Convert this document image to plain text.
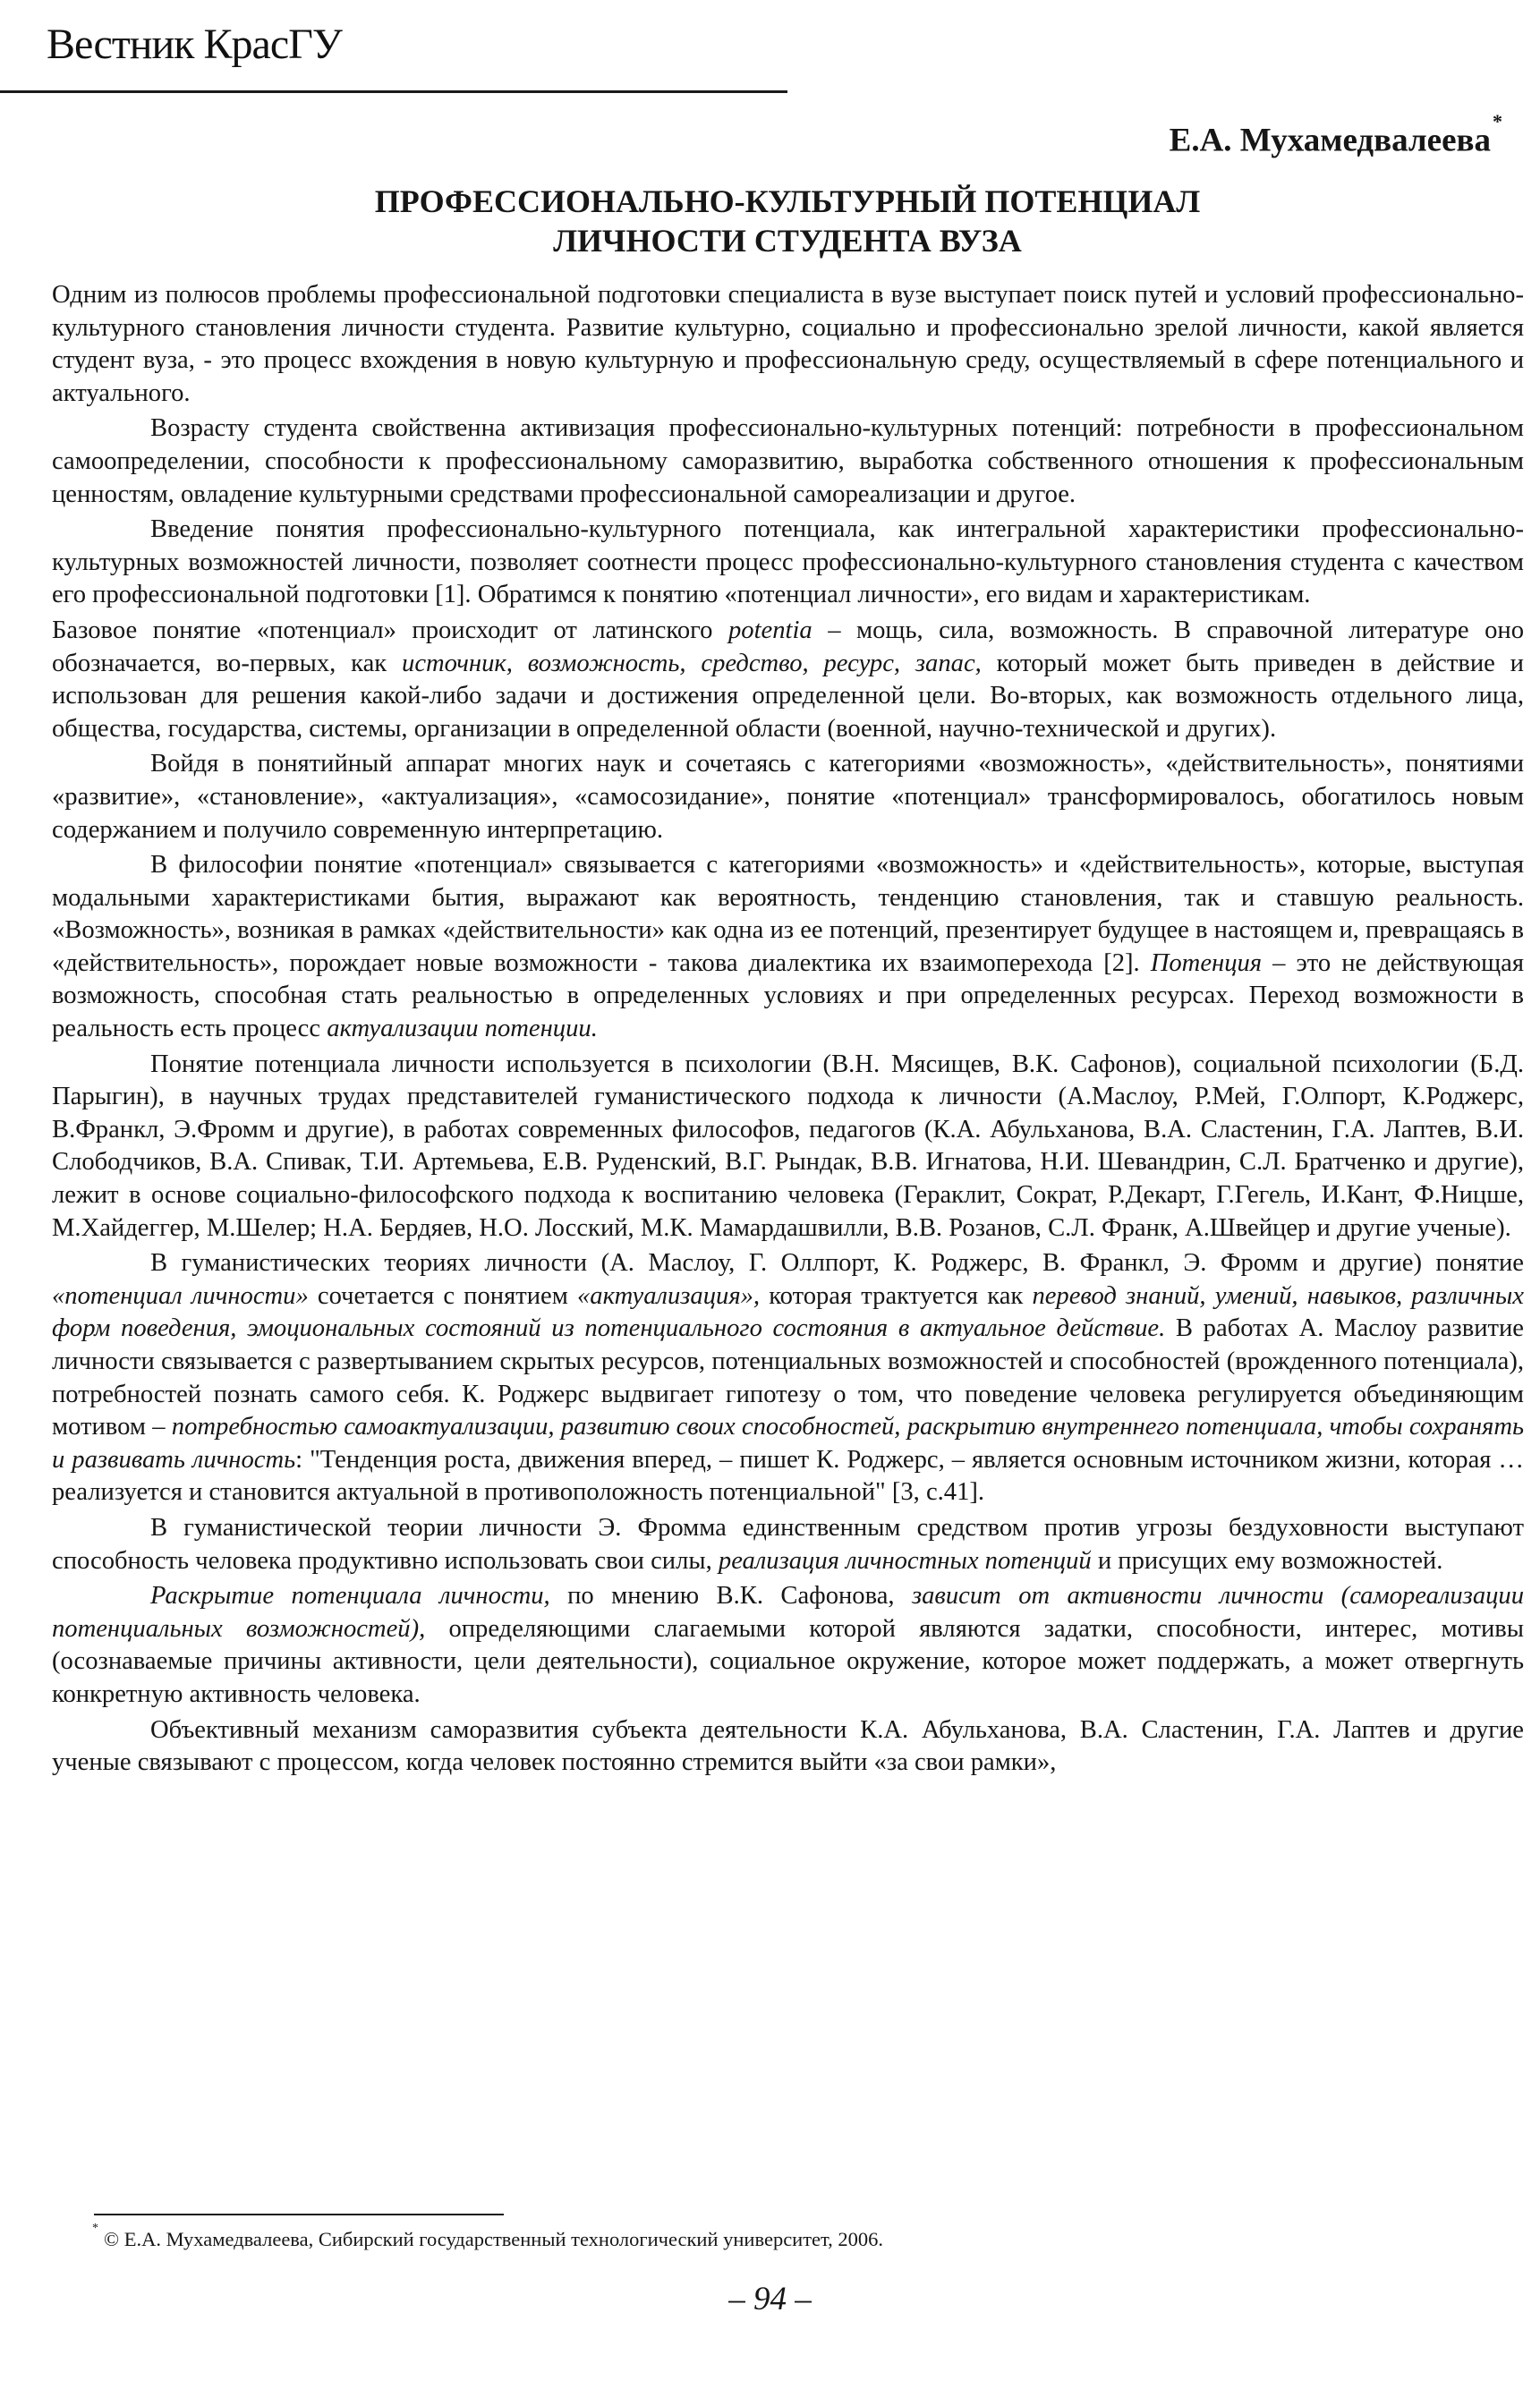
Вестник КрасГУ
Е.А. Мухамедвалеева*
ПРОФЕССИОНАЛЬНО-КУЛЬТУРНЫЙ ПОТЕНЦИАЛ
ЛИЧНОСТИ СТУДЕНТА ВУЗА

Одним из полюсов проблемы профессиональной подготовки специалиста в вузе выступает поиск путей и условий профессионально-культурного становления личности студента. Развитие культурно, социально и профессионально зрелой личности, какой является студент вуза, - это процесс вхождения в новую культурную и профессиональную среду, осуществляемый в сфере потенциального и актуального.

Возрасту студента свойственна активизация профессионально-культурных потенций: потребности в профессиональном самоопределении, способности к профессиональному саморазвитию, выработка собственного отношения к профессиональным ценностям, овладение культурными средствами профессиональной самореализации и другое.

Введение понятия профессионально-культурного потенциала, как интегральной характеристики профессионально-культурных возможностей личности, позволяет соотнести процесс профессионально-культурного становления студента с качеством его профессиональной подготовки [1]. Обратимся к понятию «потенциал личности», его видам и характеристикам.

Базовое понятие «потенциал» происходит от латинского potentia – мощь, сила, возможность. В справочной литературе оно обозначается, во-первых, как источник, возможность, средство, ресурс, запас, который может быть приведен в действие и использован для решения какой-либо задачи и достижения определенной цели. Во-вторых, как возможность отдельного лица, общества, государства, системы, организации в определенной области (военной, научно-технической и других).

Войдя в понятийный аппарат многих наук и сочетаясь с категориями «возможность», «действительность», понятиями «развитие», «становление», «актуализация», «самосозидание», понятие «потенциал» трансформировалось, обогатилось новым содержанием и получило современную интерпретацию.

В философии понятие «потенциал» связывается с категориями «возможность» и «действительность», которые, выступая модальными характеристиками бытия, выражают как вероятность, тенденцию становления, так и ставшую реальность. «Возможность», возникая в рамках «действительности» как одна из ее потенций, презентирует будущее в настоящем и, превращаясь в «действительность», порождает новые возможности - такова диалектика их взаимоперехода [2]. Потенция – это не действующая возможность, способная стать реальностью в определенных условиях и при определенных ресурсах. Переход возможности в реальность есть процесс актуализации потенции.

Понятие потенциала личности используется в психологии (В.Н. Мясищев, В.К. Сафонов), социальной психологии (Б.Д. Парыгин), в научных трудах представителей гуманистического подхода к личности (А.Маслоу, Р.Мей, Г.Олпорт, К.Роджерс, В.Франкл, Э.Фромм и другие), в работах современных философов, педагогов (К.А. Абульханова, В.А. Сластенин, Г.А. Лаптев, В.И. Слободчиков, В.А. Спивак, Т.И. Артемьева, Е.В. Руденский, В.Г. Рындак, В.В. Игнатова, Н.И. Шевандрин, С.Л. Братченко и другие), лежит в основе социально-философского подхода к воспитанию человека (Гераклит, Сократ, Р.Декарт, Г.Гегель, И.Кант, Ф.Ницше, М.Хайдеггер, М.Шелер; Н.А. Бердяев, Н.О. Лосский, М.К. Мамардашвилли, В.В. Розанов, С.Л. Франк, А.Швейцер и другие ученые).

В гуманистических теориях личности (А. Маслоу, Г. Оллпорт, К. Роджерс, В. Франкл, Э. Фромм и другие) понятие «потенциал личности» сочетается с понятием «актуализация», которая трактуется как перевод знаний, умений, навыков, различных форм поведения, эмоциональных состояний из потенциального состояния в актуальное действие. В работах А. Маслоу развитие личности связывается с развертыванием скрытых ресурсов, потенциальных возможностей и способностей (врожденного потенциала), потребностей познать самого себя. К. Роджерс выдвигает гипотезу о том, что поведение человека регулируется объединяющим мотивом – потребностью самоактуализации, развитию своих способностей, раскрытию внутреннего потенциала, чтобы сохранять и развивать личность: "Тенденция роста, движения вперед, – пишет К. Роджерс, – является основным источником жизни, которая … реализуется и становится актуальной в противоположность потенциальной" [3, с.41].

В гуманистической теории личности Э. Фромма единственным средством против угрозы бездуховности выступают способность человека продуктивно использовать свои силы, реализация личностных потенций и присущих ему возможностей.

Раскрытие потенциала личности, по мнению В.К. Сафонова, зависит от активности личности (самореализации потенциальных возможностей), определяющими слагаемыми которой являются задатки, способности, интерес, мотивы (осознаваемые причины активности, цели деятельности), социальное окружение, которое может поддержать, а может отвергнуть конкретную активность человека.

Объективный механизм саморазвития субъекта деятельности К.А. Абульханова, В.А. Сластенин, Г.А. Лаптев и другие ученые связывают с процессом, когда человек постоянно стремится выйти «за свои рамки»,

* © Е.А. Мухамедвалеева, Сибирский государственный технологический университет, 2006.
– 94 –
